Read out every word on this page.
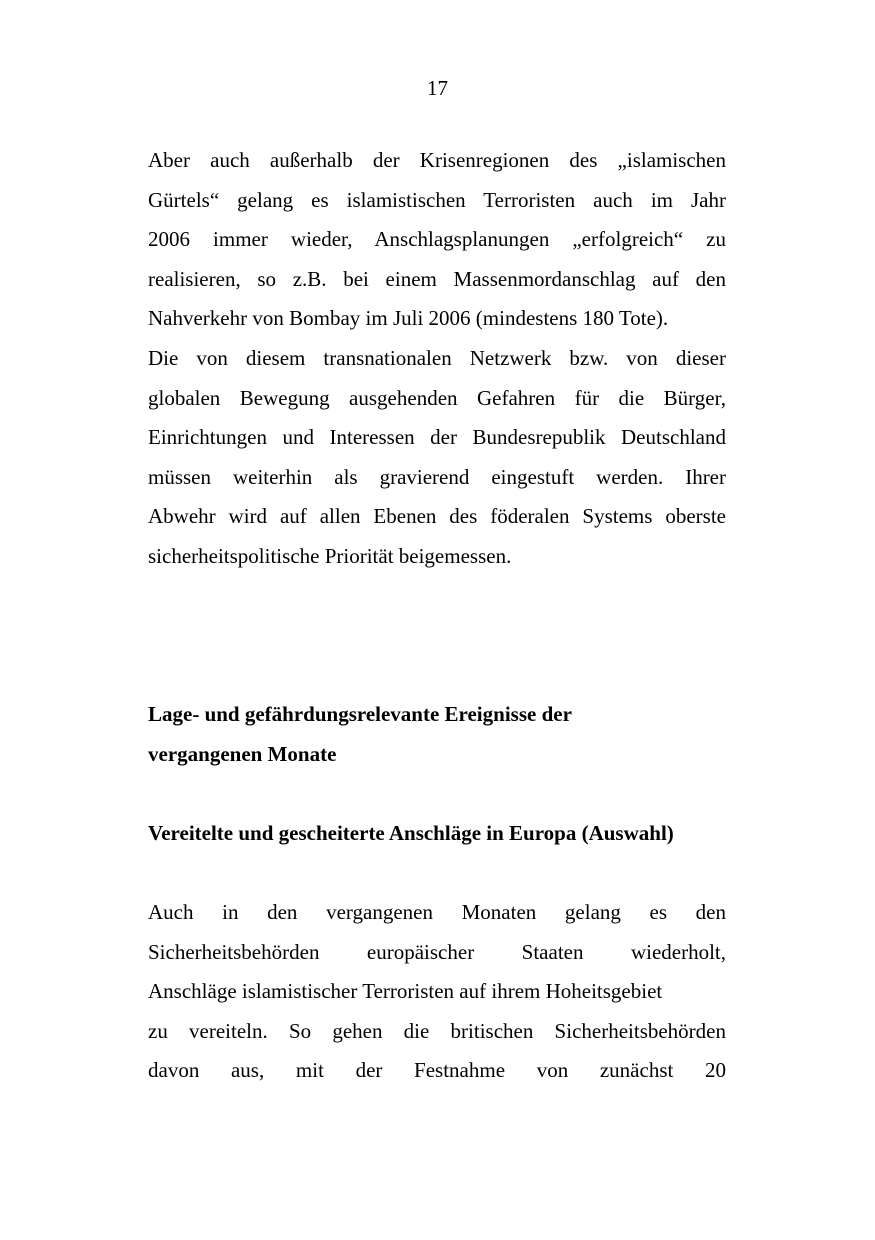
17
Aber auch außerhalb der Krisenregionen des „islamischen
Gürtels“ gelang es islamistischen Terroristen auch im Jahr
2006 immer wieder, Anschlagsplanungen „erfolgreich“ zu
realisieren, so z.B. bei einem Massenmordanschlag auf den
Nahverkehr von Bombay im Juli 2006 (mindestens 180 Tote).
Die von diesem transnationalen Netzwerk bzw. von dieser
globalen Bewegung ausgehenden Gefahren für die Bürger,
Einrichtungen und Interessen der Bundesrepublik Deutschland
müssen weiterhin als gravierend eingestuft werden. Ihrer
Abwehr wird auf allen Ebenen des föderalen Systems oberste
sicherheitspolitische Priorität beigemessen.
Lage- und gefährdungsrelevante Ereignisse der
vergangenen Monate
Vereitelte und gescheiterte Anschläge in Europa (Auswahl)
Auch in den vergangenen Monaten gelang es den
Sicherheitsbehörden europäischer Staaten wiederholt,
Anschläge islamistischer Terroristen auf ihrem Hoheitsgebiet
zu vereiteln. So gehen die britischen Sicherheitsbehörden
davon aus, mit der Festnahme von zunächst 20
